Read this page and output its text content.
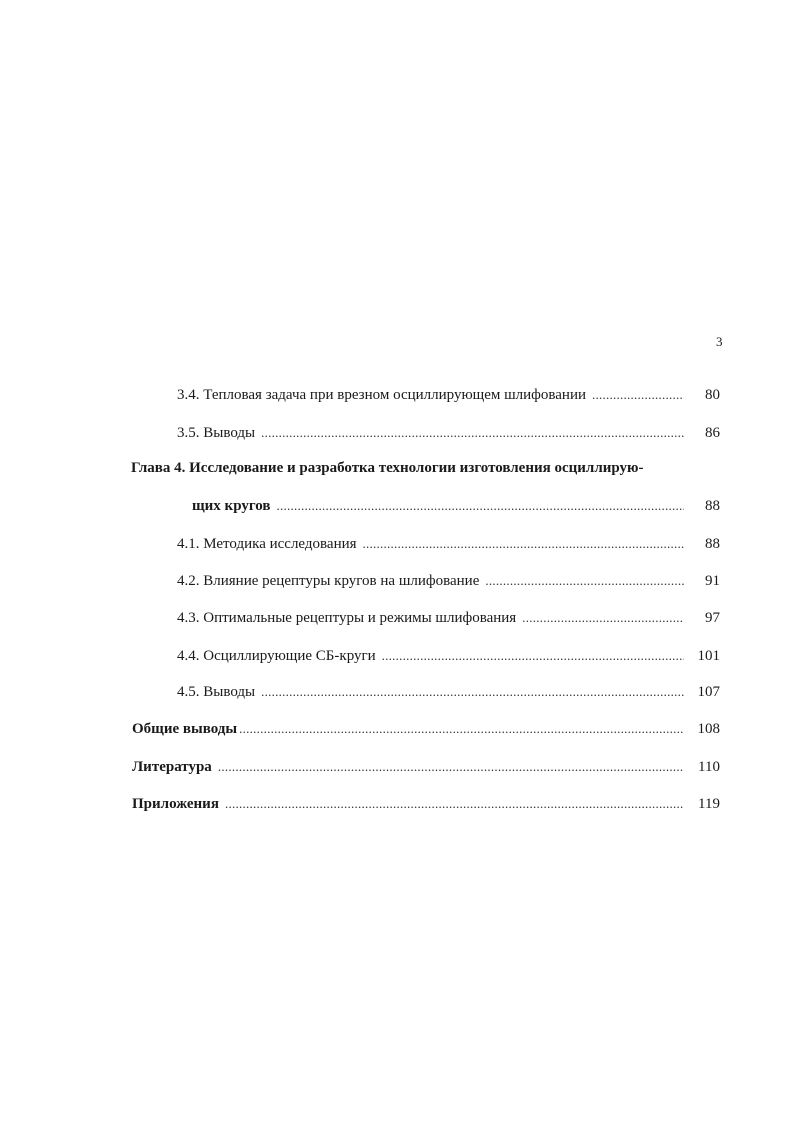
3
3.4. Тепловая задача при врезном осциллирующем шлифовании . . .	80
3.5. Выводы . . .	86
Глава 4. Исследование и разработка технологии изготовления осциллирую-
щих кругов . . .	88
4.1. Методика исследования . . .	88
4.2. Влияние рецептуры кругов на шлифование . . .	91
4.3. Оптимальные рецептуры и режимы шлифования . . .	97
4.4. Осциллирующие СБ-круги . . .	101
4.5. Выводы . . .	107
Общие выводы . . .	108
Литература . . .	110
Приложения . . .	119
